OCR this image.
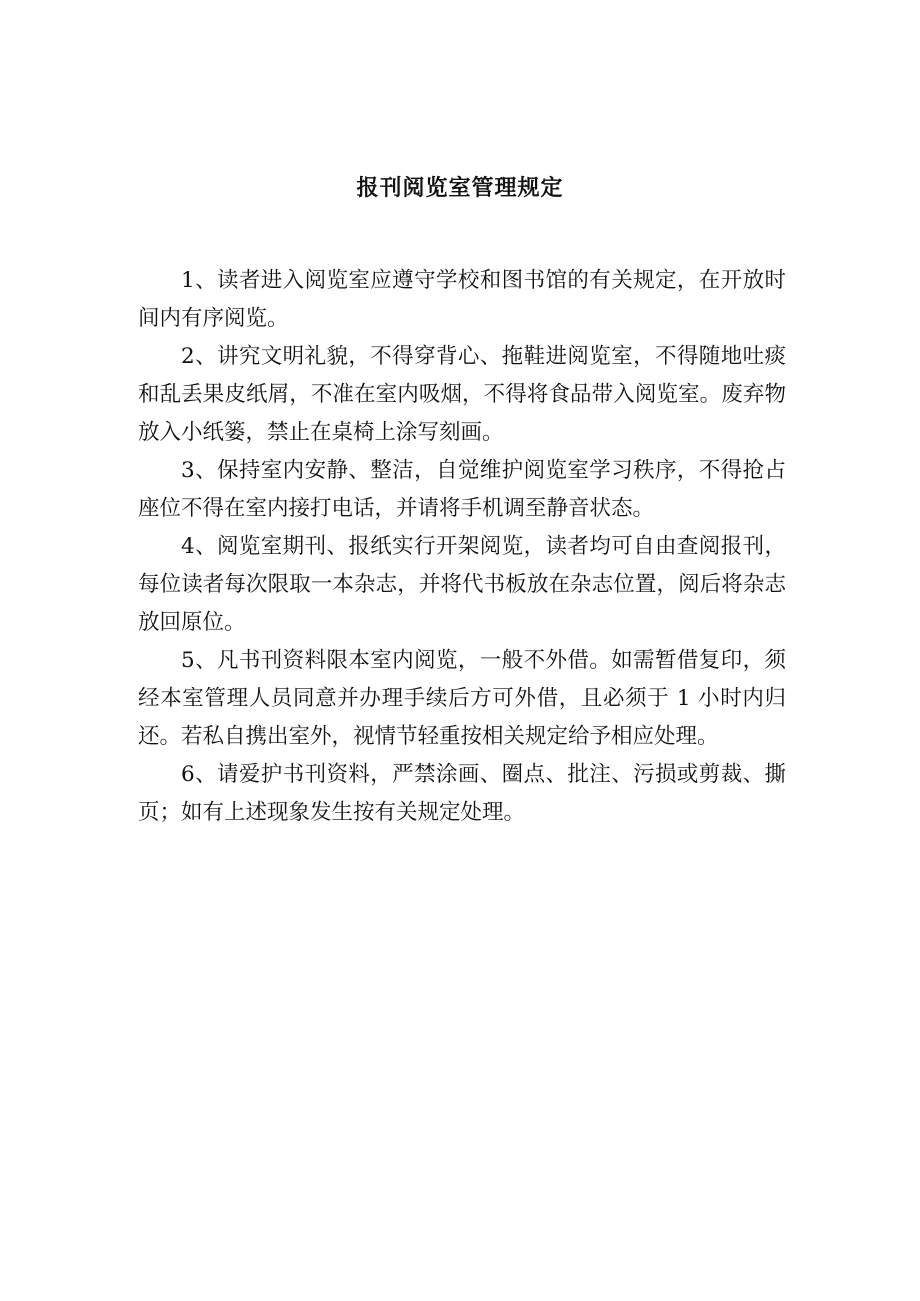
报刊阅览室管理规定

1、读者进入阅览室应遵守学校和图书馆的有关规定，在开放时间内有序阅览。

2、讲究文明礼貌，不得穿背心、拖鞋进阅览室，不得随地吐痰和乱丢果皮纸屑，不准在室内吸烟，不得将食品带入阅览室。废弃物放入小纸篓，禁止在桌椅上涂写刻画。

3、保持室内安静、整洁，自觉维护阅览室学习秩序，不得抢占座位不得在室内接打电话，并请将手机调至静音状态。

4、阅览室期刊、报纸实行开架阅览，读者均可自由查阅报刊，每位读者每次限取一本杂志，并将代书板放在杂志位置，阅后将杂志放回原位。

5、凡书刊资料限本室内阅览，一般不外借。如需暂借复印，须经本室管理人员同意并办理手续后方可外借，且必须于 1 小时内归还。若私自携出室外，视情节轻重按相关规定给予相应处理。

6、请爱护书刊资料，严禁涂画、圈点、批注、污损或剪裁、撕页；如有上述现象发生按有关规定处理。
